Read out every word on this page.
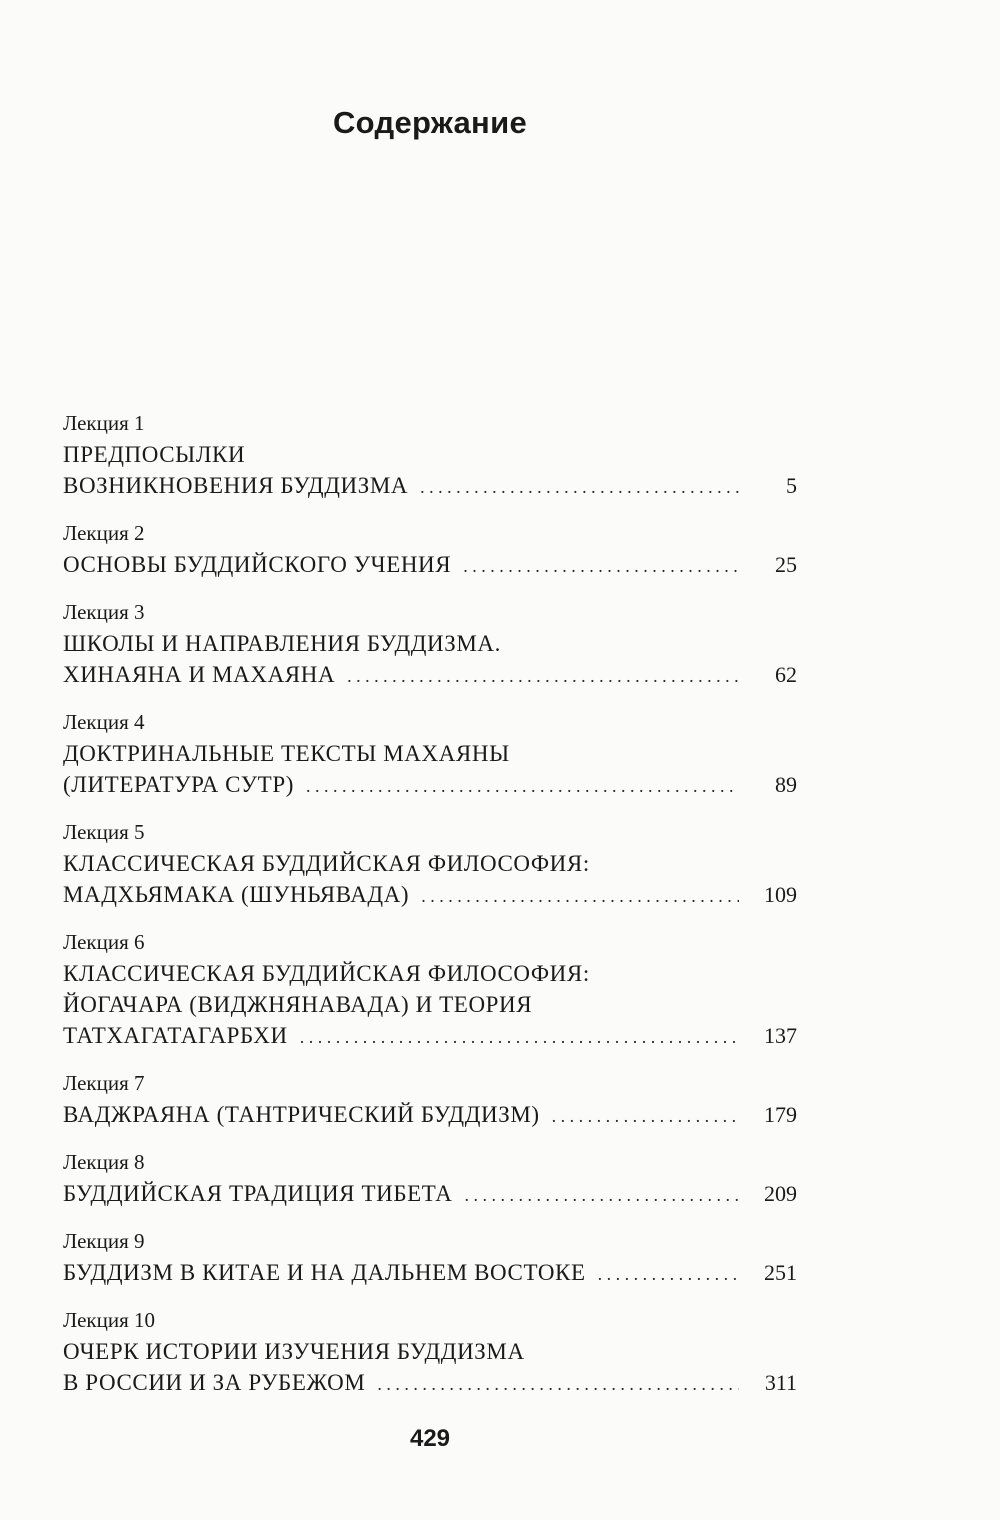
Содержание
Лекция 1
ПРЕДПОСЫЛКИ
ВОЗНИКНОВЕНИЯ БУДДИЗМА . . .	5
Лекция 2
ОСНОВЫ БУДДИЙСКОГО УЧЕНИЯ . . .	25
Лекция 3
ШКОЛЫ И НАПРАВЛЕНИЯ БУДДИЗМА.
ХИНАЯНА И МАХАЯНА . . .	62
Лекция 4
ДОКТРИНАЛЬНЫЕ ТЕКСТЫ МАХАЯНЫ
(ЛИТЕРАТУРА СУТР) . . .	89
Лекция 5
КЛАССИЧЕСКАЯ БУДДИЙСКАЯ ФИЛОСОФИЯ:
МАДХЬЯМАКА (ШУНЬЯВАДА) . . .	109
Лекция 6
КЛАССИЧЕСКАЯ БУДДИЙСКАЯ ФИЛОСОФИЯ:
ЙОГАЧАРА (ВИДЖНЯНАВАДА) И ТЕОРИЯ
ТАТХАГАТАГАРБХИ . . .	137
Лекция 7
ВАДЖРАЯНА (ТАНТРИЧЕСКИЙ БУДДИЗМ) . . .	179
Лекция 8
БУДДИЙСКАЯ ТРАДИЦИЯ ТИБЕТА . . .	209
Лекция 9
БУДДИЗМ В КИТАЕ И НА ДАЛЬНЕМ ВОСТОКЕ . . .	251
Лекция 10
ОЧЕРК ИСТОРИИ ИЗУЧЕНИЯ БУДДИЗМА
В РОССИИ И ЗА РУБЕЖОМ . . .	311
429
